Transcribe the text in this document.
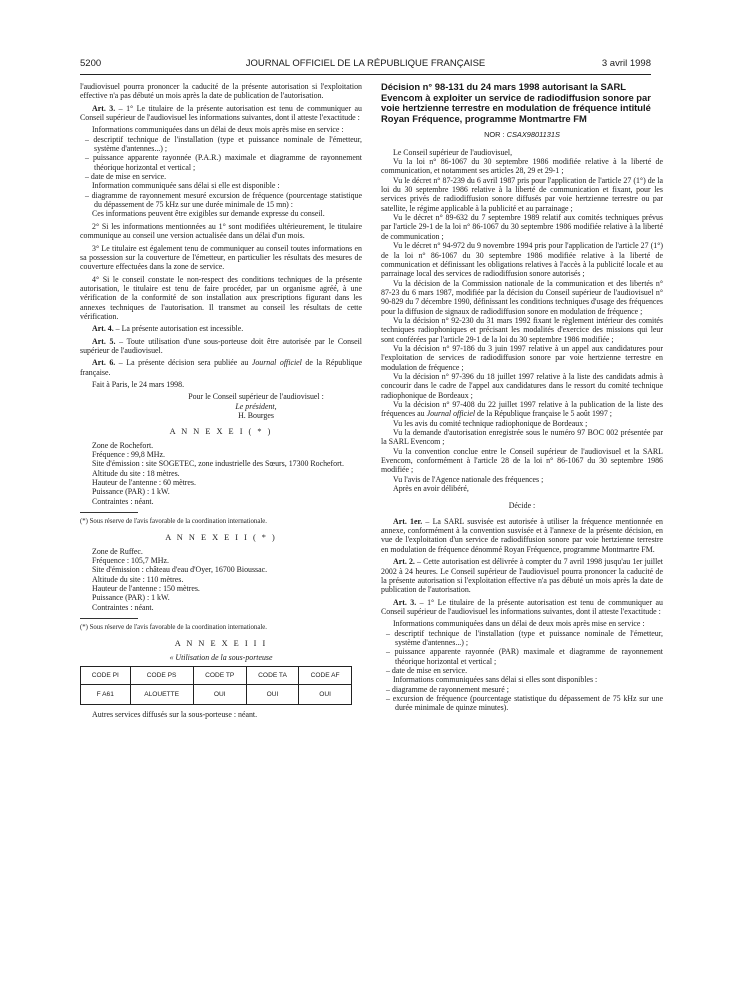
5200	JOURNAL OFFICIEL DE LA RÉPUBLIQUE FRANÇAISE	3 avril 1998

l'audiovisuel pourra prononcer la caducité de la présente autorisation si l'exploitation effective n'a pas débuté un mois après la date de publication de l'autorisation.

Art. 3. – 1° Le titulaire de la présente autorisation est tenu de communiquer au Conseil supérieur de l'audiovisuel les informations suivantes, dont il atteste l'exactitude :

Informations communiquées dans un délai de deux mois après mise en service :

– descriptif technique de l'installation (type et puissance nominale de l'émetteur, système d'antennes...) ;

– puissance apparente rayonnée (P.A.R.) maximale et diagramme de rayonnement théorique horizontal et vertical ;

– date de mise en service.

Information communiquée sans délai si elle est disponible :

– diagramme de rayonnement mesuré excursion de fréquence (pourcentage statistique du dépassement de 75 kHz sur une durée minimale de 15 mn) :

Ces informations peuvent être exigibles sur demande expresse du conseil.

2° Si les informations mentionnées au 1° sont modifiées ultérieurement, le titulaire communique au conseil une version actualisée dans un délai d'un mois.

3° Le titulaire est également tenu de communiquer au conseil toutes informations en sa possession sur la couverture de l'émetteur, en particulier les résultats des mesures de couverture effectuées dans la zone de service.

4° Si le conseil constate le non-respect des conditions techniques de la présente autorisation, le titulaire est tenu de faire procéder, par un organisme agréé, à une vérification de la conformité de son installation aux prescriptions figurant dans les annexes techniques de l'autorisation. Il transmet au conseil les résultats de cette vérification.

Art. 4. – La présente autorisation est incessible.

Art. 5. – Toute utilisation d'une sous-porteuse doit être autorisée par le Conseil supérieur de l'audiovisuel.

Art. 6. – La présente décision sera publiée au Journal officiel de la République française.

Fait à Paris, le 24 mars 1998.

Pour le Conseil supérieur de l'audiovisuel :

Le président,

H. Bourges

A N N E X E I ( * )

Zone de Rochefort.

Fréquence : 99,8 MHz.

Site d'émission : site SOGETEC, zone industrielle des Sœurs, 17300 Rochefort.

Altitude du site : 18 mètres.

Hauteur de l'antenne : 60 mètres.

Puissance (PAR) : 1 kW.

Contraintes : néant.

(*) Sous réserve de l'avis favorable de la coordination internationale.

A N N E X E I I ( * )

Zone de Ruffec.

Fréquence : 105,7 MHz.

Site d'émission : château d'eau d'Oyer, 16700 Bioussac.

Altitude du site : 110 mètres.

Hauteur de l'antenne : 150 mètres.

Puissance (PAR) : 1 kW.

Contraintes : néant.

(*) Sous réserve de l'avis favorable de la coordination internationale.

A N N E X E I I I

« Utilisation de la sous-porteuse

CODE PI	CODE PS	CODE TP	CODE TA	CODE AF
F A61	ALOUETTE	OUI	OUI	OUI

Autres services diffusés sur la sous-porteuse : néant.

Décision n° 98-131 du 24 mars 1998 autorisant la SARL Evencom à exploiter un service de radiodiffusion sonore par voie hertzienne terrestre en modulation de fréquence intitulé Royan Fréquence, programme Montmartre FM

NOR : CSAX9801131S

Le Conseil supérieur de l'audiovisuel,

Vu la loi n° 86-1067 du 30 septembre 1986 modifiée relative à la liberté de communication, et notamment ses articles 28, 29 et 29-1 ;

Vu le décret n° 87-239 du 6 avril 1987 pris pour l'application de l'article 27 (1°) de la loi du 30 septembre 1986 relative à la liberté de communication et fixant, pour les services privés de radiodiffusion sonore diffusés par voie hertzienne terrestre ou par satellite, le régime applicable à la publicité et au parrainage ;

Vu le décret n° 89-632 du 7 septembre 1989 relatif aux comités techniques prévus par l'article 29-1 de la loi n° 86-1067 du 30 septembre 1986 modifiée relative à la liberté de communication ;

Vu le décret n° 94-972 du 9 novembre 1994 pris pour l'application de l'article 27 (1°) de la loi n° 86-1067 du 30 septembre 1986 modifiée relative à la liberté de communication et définissant les obligations relatives à l'accès à la publicité locale et au parrainage local des services de radiodiffusion sonore autorisés ;

Vu la décision de la Commission nationale de la communication et des libertés n° 87-23 du 6 mars 1987, modifiée par la décision du Conseil supérieur de l'audiovisuel n° 90-829 du 7 décembre 1990, définissant les conditions techniques d'usage des fréquences pour la diffusion de signaux de radiodiffusion sonore en modulation de fréquence ;

Vu la décision n° 92-230 du 31 mars 1992 fixant le règlement intérieur des comités techniques radiophoniques et précisant les modalités d'exercice des missions qui leur sont conférées par l'article 29-1 de la loi du 30 septembre 1986 modifiée ;

Vu la décision n° 97-186 du 3 juin 1997 relative à un appel aux candidatures pour l'exploitation de services de radiodiffusion sonore par voie hertzienne terrestre en modulation de fréquence ;

Vu la décision n° 97-396 du 18 juillet 1997 relative à la liste des candidats admis à concourir dans le cadre de l'appel aux candidatures dans le ressort du comité technique radiophonique de Bordeaux ;

Vu la décision n° 97-408 du 22 juillet 1997 relative à la publication de la liste des fréquences au Journal officiel de la République française le 5 août 1997 ;

Vu les avis du comité technique radiophonique de Bordeaux ;

Vu la demande d'autorisation enregistrée sous le numéro 97 BOC 002 présentée par la SARL Evencom ;

Vu la convention conclue entre le Conseil supérieur de l'audiovisuel et la SARL Evencom, conformément à l'article 28 de la loi n° 86-1067 du 30 septembre 1986 modifiée ;

Vu l'avis de l'Agence nationale des fréquences ;

Après en avoir délibéré,

Décide :

Art. 1er. – La SARL susvisée est autorisée à utiliser la fréquence mentionnée en annexe, conformément à la convention susvisée et à l'annexe de la présente décision, en vue de l'exploitation d'un service de radiodiffusion sonore par voie hertzienne terrestre en modulation de fréquence dénommé Royan Fréquence, programme Montmartre FM.

Art. 2. – Cette autorisation est délivrée à compter du 7 avril 1998 jusqu'au 1er juillet 2002 à 24 heures. Le Conseil supérieur de l'audiovisuel pourra prononcer la caducité de la présente autorisation si l'exploitation effective n'a pas débuté un mois après la date de publication de l'autorisation.

Art. 3. – 1° Le titulaire de la présente autorisation est tenu de communiquer au Conseil supérieur de l'audiovisuel les informations suivantes, dont il atteste l'exactitude :

Informations communiquées dans un délai de deux mois après mise en service :

– descriptif technique de l'installation (type et puissance nominale de l'émetteur, système d'antennes...) ;

– puissance apparente rayonnée (PAR) maximale et diagramme de rayonnement théorique horizontal et vertical ;

– date de mise en service.

Informations communiquées sans délai si elles sont disponibles :

– diagramme de rayonnement mesuré ;

– excursion de fréquence (pourcentage statistique du dépassement de 75 kHz sur une durée minimale de quinze minutes).
